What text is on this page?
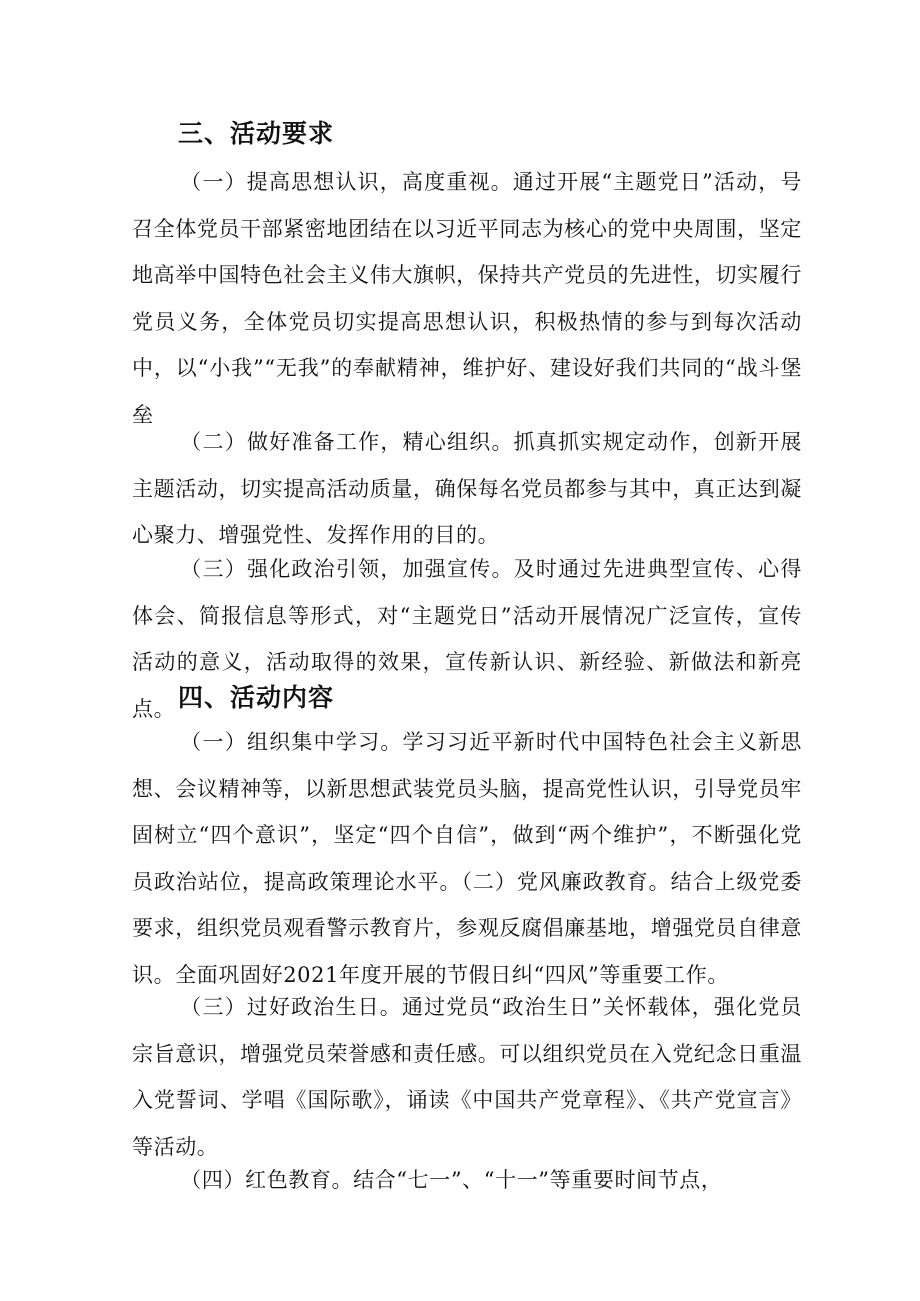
三、活动要求
（一）提高思想认识，高度重视。通过开展“主题党日”活动，号召全体党员干部紧密地团结在以习近平同志为核心的党中央周围，坚定地高举中国特色社会主义伟大旗帜，保持共产党员的先进性，切实履行党员义务，全体党员切实提高思想认识，积极热情的参与到每次活动中，以“小我”“无我”的奉献精神，维护好、建设好我们共同的“战斗堡垒
（二）做好准备工作，精心组织。抓真抓实规定动作，创新开展主题活动，切实提高活动质量，确保每名党员都参与其中，真正达到凝心聚力、增强党性、发挥作用的目的。
（三）强化政治引领，加强宣传。及时通过先进典型宣传、心得体会、简报信息等形式，对“主题党日”活动开展情况广泛宣传，宣传活动的意义，活动取得的效果，宣传新认识、新经验、新做法和新亮点。 四、活动内容
（一）组织集中学习。学习习近平新时代中国特色社会主义新思想、会议精神等，以新思想武装党员头脑，提高党性认识，引导党员牢固树立“四个意识”，坚定“四个自信”，做到“两个维护”，不断强化党员政治站位，提高政策理论水平。（二）党风廉政教育。结合上级党委要求，组织党员观看警示教育片，参观反腐倡廉基地，增强党员自律意识。全面巩固好2021年度开展的节假日纠“四风”等重要工作。
（三）过好政治生日。通过党员“政治生日”关怀载体，强化党员宗旨意识，增强党员荣誉感和责任感。可以组织党员在入党纪念日重温入党誓词、学唱《国际歌》，诵读《中国共产党章程》、《共产党宣言》等活动。
（四）红色教育。结合“七一”、“十一”等重要时间节点，
